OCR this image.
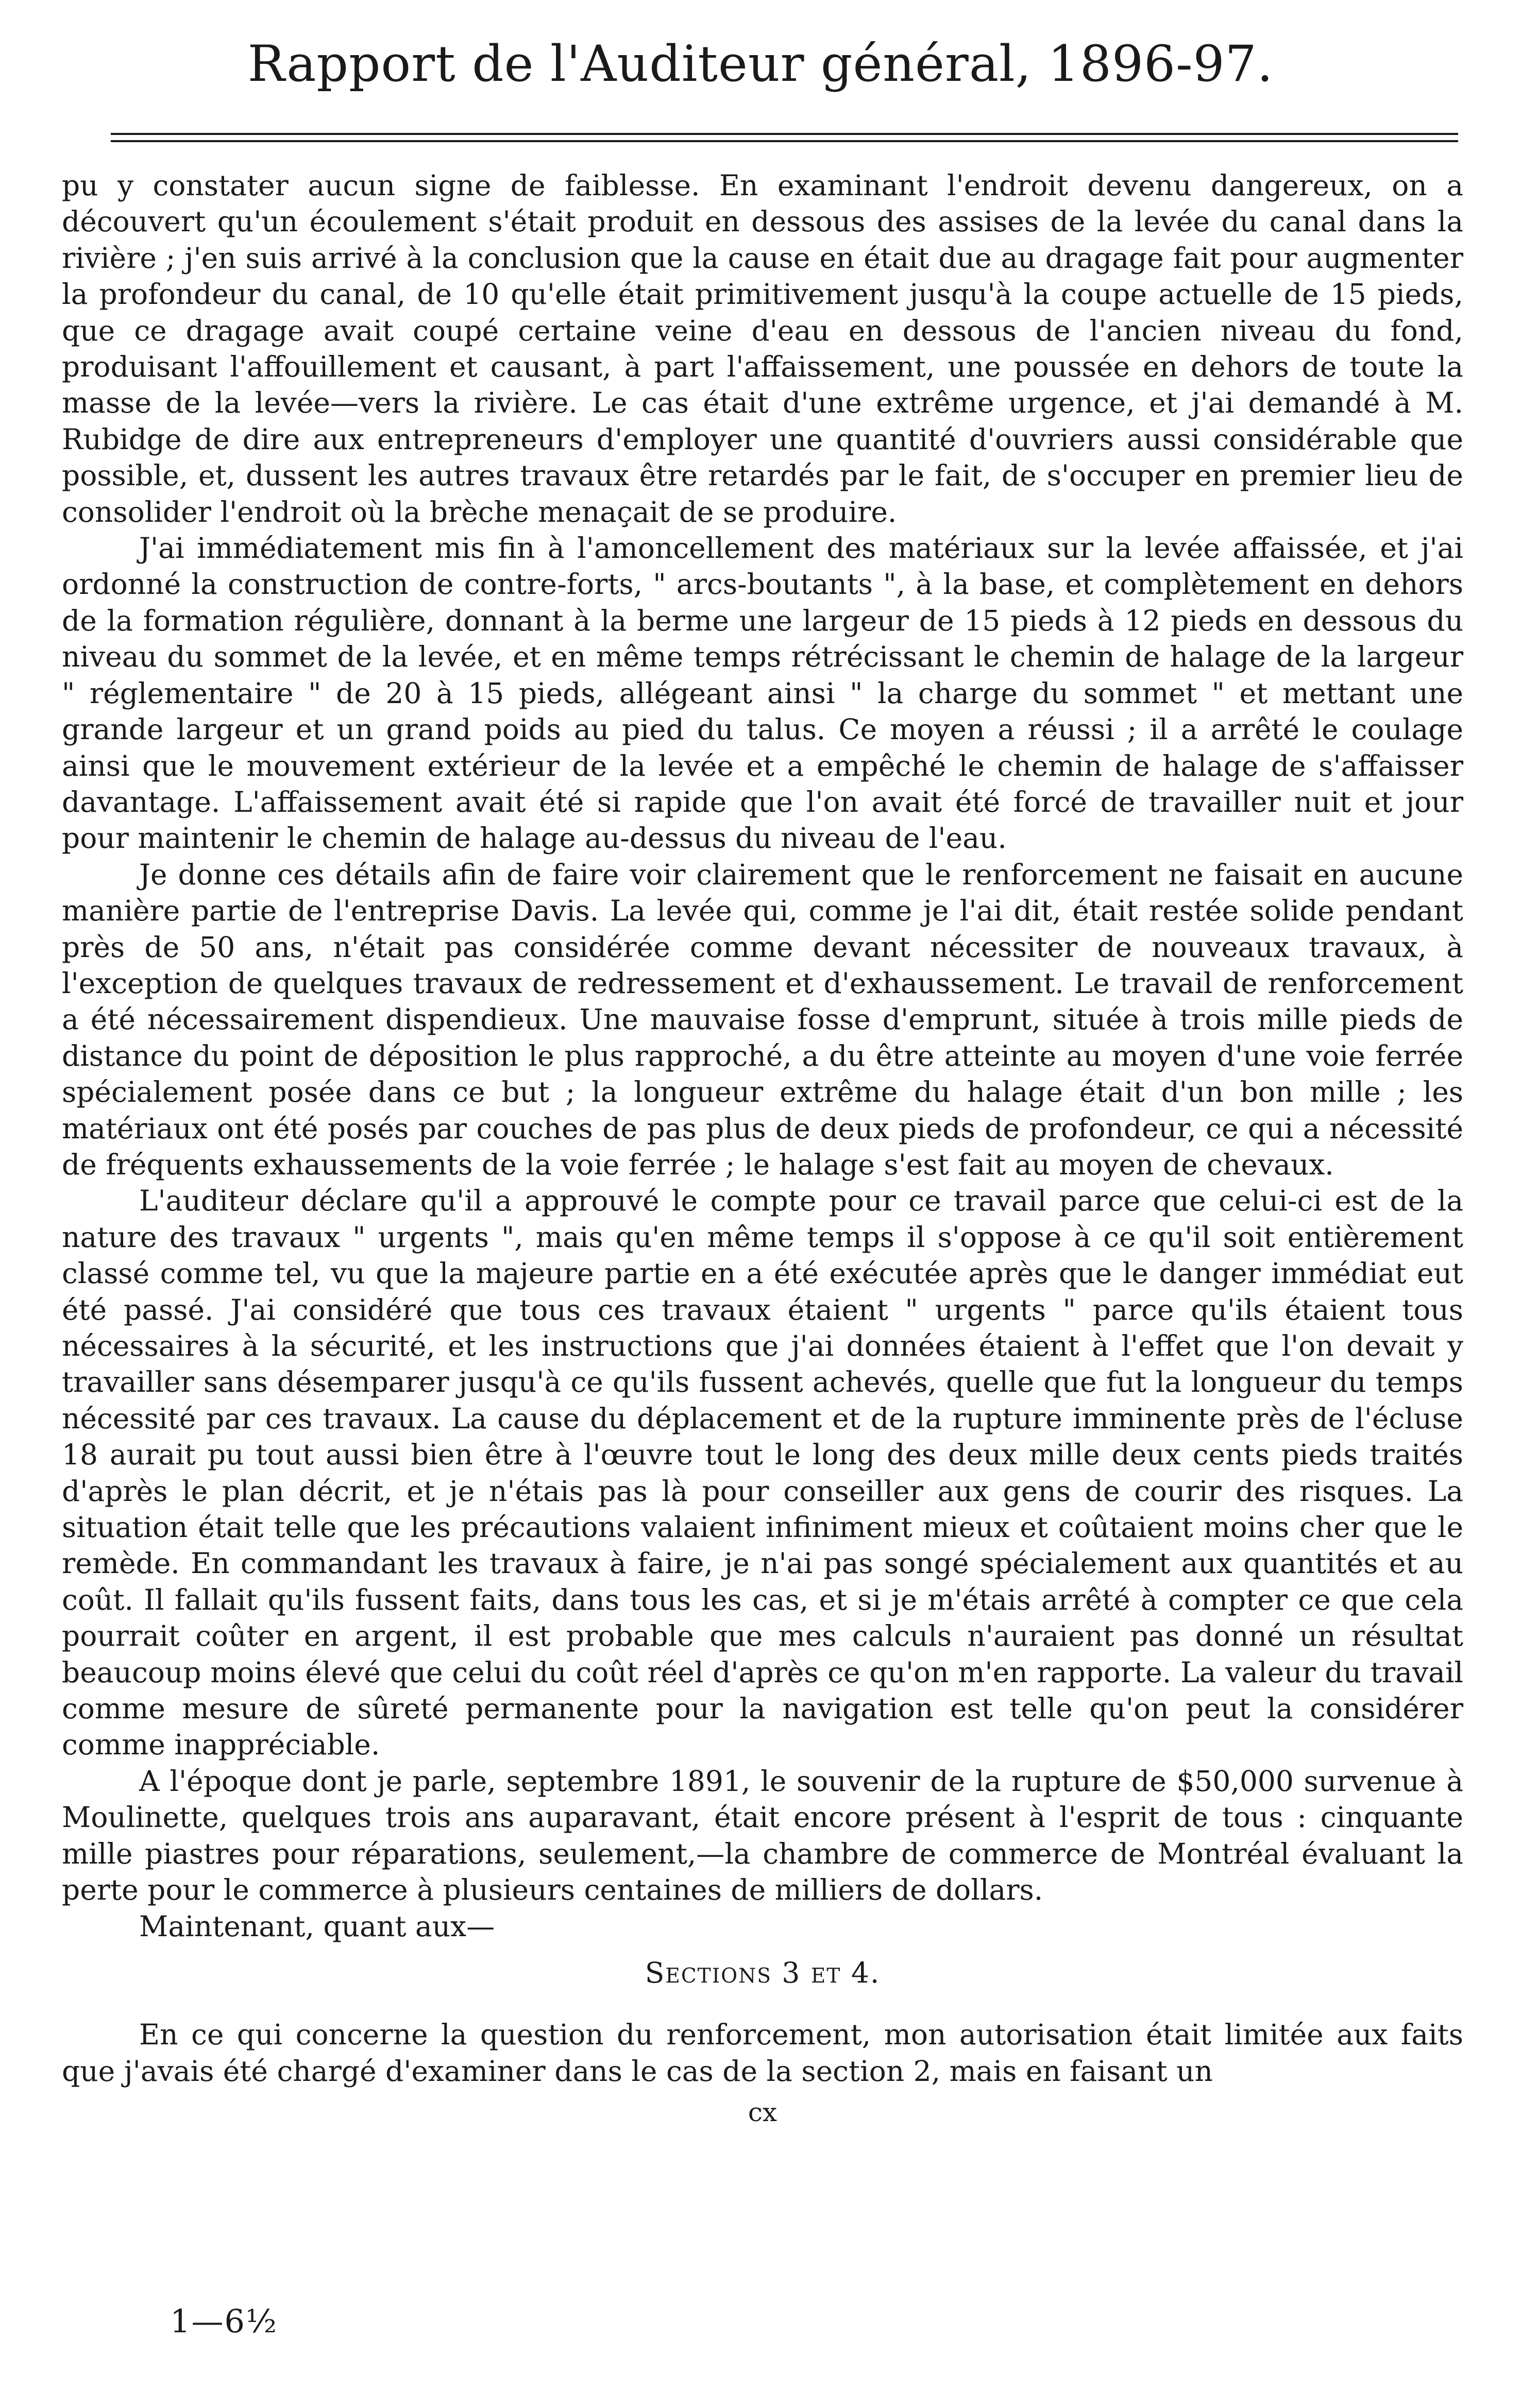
Rapport de l'Auditeur général, 1896-97.

pu y constater aucun signe de faiblesse. En examinant l'endroit devenu dangereux, on a découvert qu'un écoulement s'était produit en dessous des assises de la levée du canal dans la rivière ; j'en suis arrivé à la conclusion que la cause en était due au dragage fait pour augmenter la profondeur du canal, de 10 qu'elle était primitivement jusqu'à la coupe actuelle de 15 pieds, que ce dragage avait coupé certaine veine d'eau en dessous de l'ancien niveau du fond, produisant l'affouillement et causant, à part l'affaissement, une poussée en dehors de toute la masse de la levée—vers la rivière. Le cas était d'une extrême urgence, et j'ai demandé à M. Rubidge de dire aux entrepreneurs d'employer une quantité d'ouvriers aussi considérable que possible, et, dussent les autres travaux être retardés par le fait, de s'occuper en premier lieu de consolider l'endroit où la brèche menaçait de se produire.

J'ai immédiatement mis fin à l'amoncellement des matériaux sur la levée affaissée, et j'ai ordonné la construction de contre-forts, " arcs-boutants ", à la base, et complètement en dehors de la formation régulière, donnant à la berme une largeur de 15 pieds à 12 pieds en dessous du niveau du sommet de la levée, et en même temps rétrécissant le chemin de halage de la largeur " réglementaire " de 20 à 15 pieds, allégeant ainsi " la charge du sommet " et mettant une grande largeur et un grand poids au pied du talus. Ce moyen a réussi ; il a arrêté le coulage ainsi que le mouvement extérieur de la levée et a empêché le chemin de halage de s'affaisser davantage. L'affaissement avait été si rapide que l'on avait été forcé de travailler nuit et jour pour maintenir le chemin de halage au-dessus du niveau de l'eau.

Je donne ces détails afin de faire voir clairement que le renforcement ne faisait en aucune manière partie de l'entreprise Davis. La levée qui, comme je l'ai dit, était restée solide pendant près de 50 ans, n'était pas considérée comme devant nécessiter de nouveaux travaux, à l'exception de quelques travaux de redressement et d'exhaussement. Le travail de renforcement a été nécessairement dispendieux. Une mauvaise fosse d'emprunt, située à trois mille pieds de distance du point de déposition le plus rapproché, a du être atteinte au moyen d'une voie ferrée spécialement posée dans ce but ; la longueur extrême du halage était d'un bon mille ; les matériaux ont été posés par couches de pas plus de deux pieds de profondeur, ce qui a nécessité de fréquents exhaussements de la voie ferrée ; le halage s'est fait au moyen de chevaux.

L'auditeur déclare qu'il a approuvé le compte pour ce travail parce que celui-ci est de la nature des travaux " urgents ", mais qu'en même temps il s'oppose à ce qu'il soit entièrement classé comme tel, vu que la majeure partie en a été exécutée après que le danger immédiat eut été passé. J'ai considéré que tous ces travaux étaient " urgents " parce qu'ils étaient tous nécessaires à la sécurité, et les instructions que j'ai données étaient à l'effet que l'on devait y travailler sans désemparer jusqu'à ce qu'ils fussent achevés, quelle que fut la longueur du temps nécessité par ces travaux. La cause du déplacement et de la rupture imminente près de l'écluse 18 aurait pu tout aussi bien être à l'œuvre tout le long des deux mille deux cents pieds traités d'après le plan décrit, et je n'étais pas là pour conseiller aux gens de courir des risques. La situation était telle que les précautions valaient infiniment mieux et coûtaient moins cher que le remède. En commandant les travaux à faire, je n'ai pas songé spécialement aux quantités et au coût. Il fallait qu'ils fussent faits, dans tous les cas, et si je m'étais arrêté à compter ce que cela pourrait coûter en argent, il est probable que mes calculs n'auraient pas donné un résultat beaucoup moins élevé que celui du coût réel d'après ce qu'on m'en rapporte. La valeur du travail comme mesure de sûreté permanente pour la navigation est telle qu'on peut la considérer comme inappréciable.

A l'époque dont je parle, septembre 1891, le souvenir de la rupture de $50,000 survenue à Moulinette, quelques trois ans auparavant, était encore présent à l'esprit de tous : cinquante mille piastres pour réparations, seulement,—la chambre de commerce de Montréal évaluant la perte pour le commerce à plusieurs centaines de milliers de dollars.

Maintenant, quant aux—

Sections 3 et 4.

En ce qui concerne la question du renforcement, mon autorisation était limitée aux faits que j'avais été chargé d'examiner dans le cas de la section 2, mais en faisant un

cx
1—6½
